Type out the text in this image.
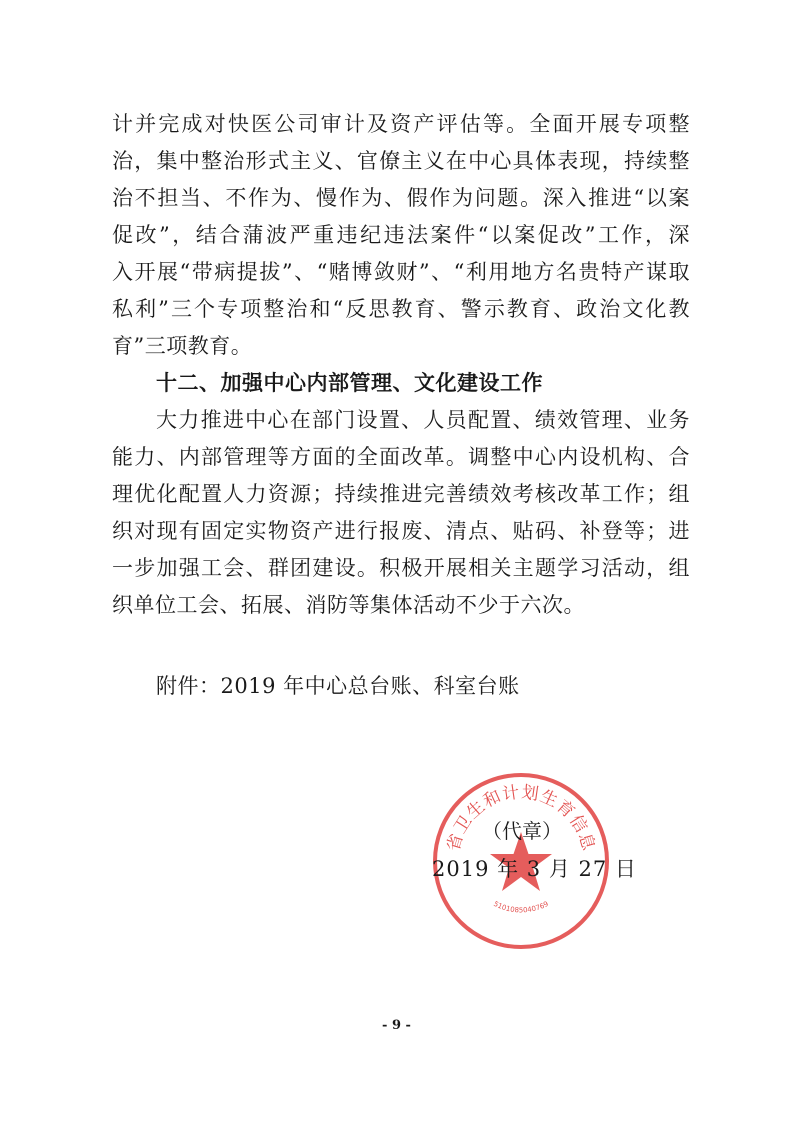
计并完成对快医公司审计及资产评估等。全面开展专项整
治，集中整治形式主义、官僚主义在中心具体表现，持续整
治不担当、不作为、慢作为、假作为问题。深入推进“以案
促改”，结合蒲波严重违纪违法案件“以案促改”工作，深
入开展“带病提拔”、“赌博敛财”、“利用地方名贵特产谋取
私利”三个专项整治和“反思教育、警示教育、政治文化教
育”三项教育。
十二、加强中心内部管理、文化建设工作
大力推进中心在部门设置、人员配置、绩效管理、业务
能力、内部管理等方面的全面改革。调整中心内设机构、合
理优化配置人力资源；持续推进完善绩效考核改革工作；组
织对现有固定实物资产进行报废、清点、贴码、补登等；进
一步加强工会、群团建设。积极开展相关主题学习活动，组
织单位工会、拓展、消防等集体活动不少于六次。
附件：2019 年中心总台账、科室台账
省卫生和计划生育信息
5101085040769
（代章）
2019 年 3 月 27 日
- 9 -
